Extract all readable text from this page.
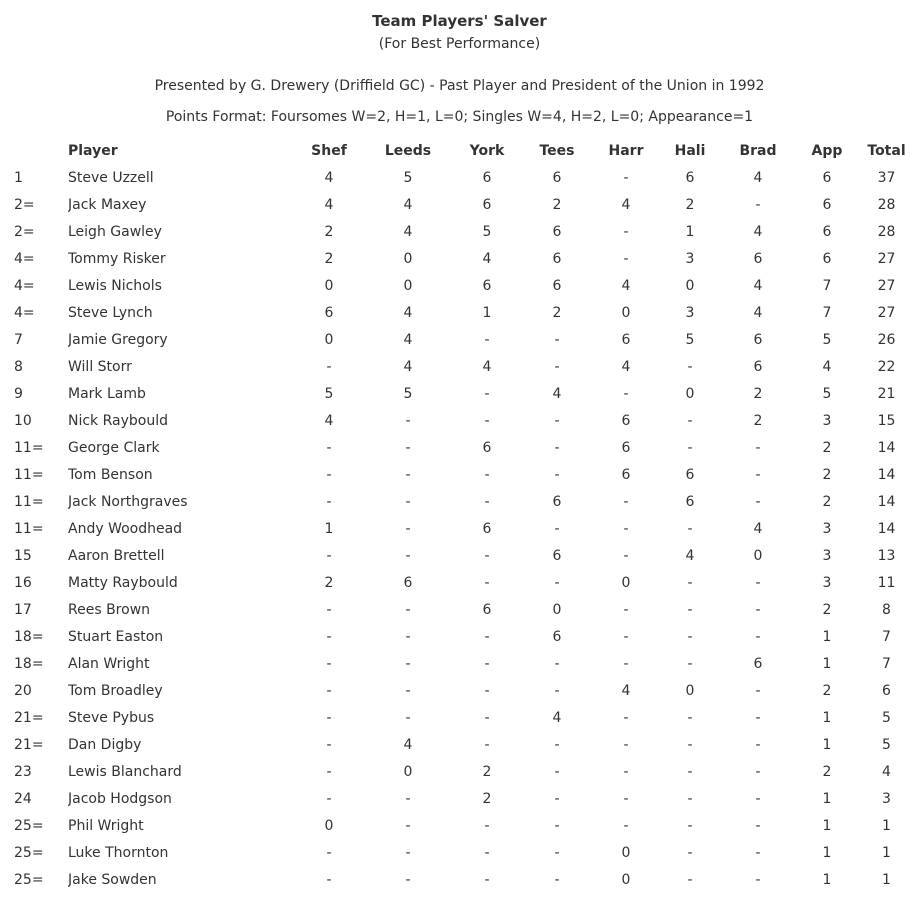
Team Players' Salver
(For Best Performance)
Presented by G. Drewery (Driffield GC) - Past Player and President of the Union in 1992
Points Format: Foursomes W=2, H=1, L=0; Singles W=4, H=2, L=0; Appearance=1
	Player	Shef	Leeds	York	Tees	Harr	Hali	Brad	App	Total
1	Steve Uzzell	4	5	6	6	-	6	4	6	37
2=	Jack Maxey	4	4	6	2	4	2	-	6	28
2=	Leigh Gawley	2	4	5	6	-	1	4	6	28
4=	Tommy Risker	2	0	4	6	-	3	6	6	27
4=	Lewis Nichols	0	0	6	6	4	0	4	7	27
4=	Steve Lynch	6	4	1	2	0	3	4	7	27
7	Jamie Gregory	0	4	-	-	6	5	6	5	26
8	Will Storr	-	4	4	-	4	-	6	4	22
9	Mark Lamb	5	5	-	4	-	0	2	5	21
10	Nick Raybould	4	-	-	-	6	-	2	3	15
11=	George Clark	-	-	6	-	6	-	-	2	14
11=	Tom Benson	-	-	-	-	6	6	-	2	14
11=	Jack Northgraves	-	-	-	6	-	6	-	2	14
11=	Andy Woodhead	1	-	6	-	-	-	4	3	14
15	Aaron Brettell	-	-	-	6	-	4	0	3	13
16	Matty Raybould	2	6	-	-	0	-	-	3	11
17	Rees Brown	-	-	6	0	-	-	-	2	8
18=	Stuart Easton	-	-	-	6	-	-	-	1	7
18=	Alan Wright	-	-	-	-	-	-	6	1	7
20	Tom Broadley	-	-	-	-	4	0	-	2	6
21=	Steve Pybus	-	-	-	4	-	-	-	1	5
21=	Dan Digby	-	4	-	-	-	-	-	1	5
23	Lewis Blanchard	-	0	2	-	-	-	-	2	4
24	Jacob Hodgson	-	-	2	-	-	-	-	1	3
25=	Phil Wright	0	-	-	-	-	-	-	1	1
25=	Luke Thornton	-	-	-	-	0	-	-	1	1
25=	Jake Sowden	-	-	-	-	0	-	-	1	1
